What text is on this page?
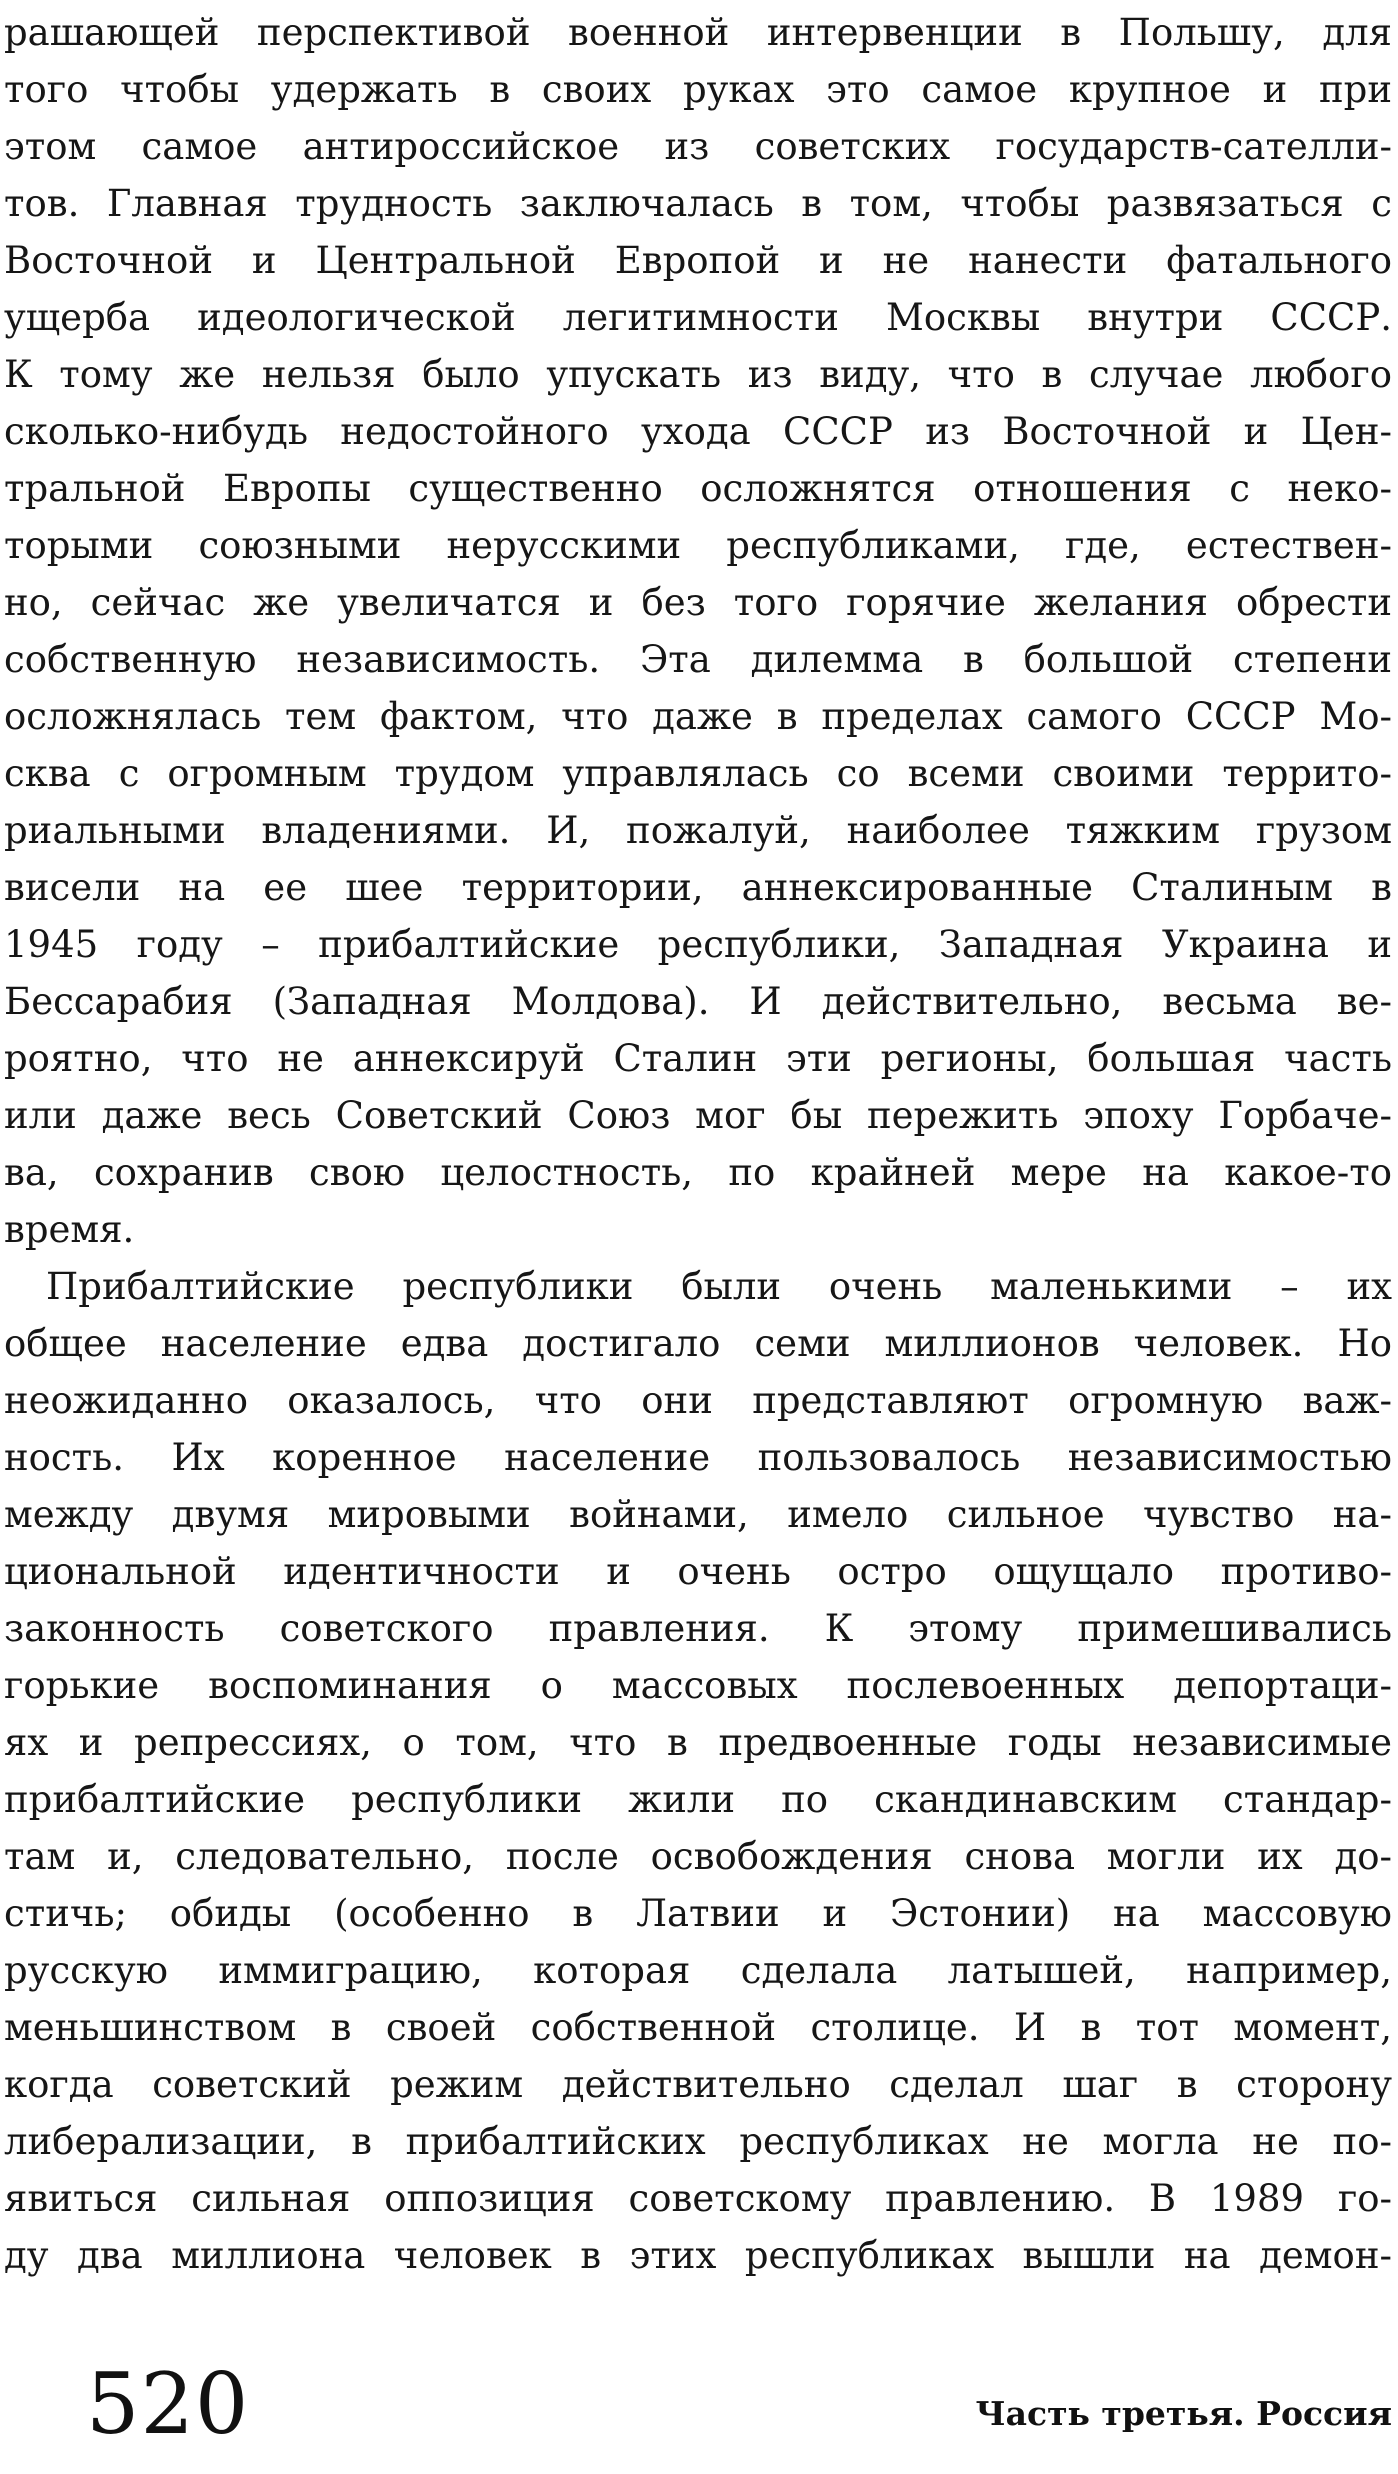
рашающей перспективой военной интервенции в Польшу, для
того чтобы удержать в своих руках это самое крупное и при
этом самое антироссийское из советских государств-сателли-
тов. Главная трудность заключалась в том, чтобы развязаться с
Восточной и Центральной Европой и не нанести фатального
ущерба идеологической легитимности Москвы внутри СССР.
К тому же нельзя было упускать из виду, что в случае любого
сколько-нибудь недостойного ухода СССР из Восточной и Цен-
тральной Европы существенно осложнятся отношения с неко-
торыми союзными нерусскими республиками, где, естествен-
но, сейчас же увеличатся и без того горячие желания обрести
собственную независимость. Эта дилемма в большой степени
осложнялась тем фактом, что даже в пределах самого СССР Мо-
сква с огромным трудом управлялась со всеми своими террито-
риальными владениями. И, пожалуй, наиболее тяжким грузом
висели на ее шее территории, аннексированные Сталиным в
1945 году – прибалтийские республики, Западная Украина и
Бессарабия (Западная Молдова). И действительно, весьма ве-
роятно, что не аннексируй Сталин эти регионы, большая часть
или даже весь Советский Союз мог бы пережить эпоху Горбаче-
ва, сохранив свою целостность, по крайней мере на какое-то
время.
Прибалтийские республики были очень маленькими – их
общее население едва достигало семи миллионов человек. Но
неожиданно оказалось, что они представляют огромную важ-
ность. Их коренное население пользовалось независимостью
между двумя мировыми войнами, имело сильное чувство на-
циональной идентичности и очень остро ощущало противо-
законность советского правления. К этому примешивались
горькие воспоминания о массовых послевоенных депортаци-
ях и репрессиях, о том, что в предвоенные годы независимые
прибалтийские республики жили по скандинавским стандар-
там и, следовательно, после освобождения снова могли их до-
стичь; обиды (особенно в Латвии и Эстонии) на массовую
русскую иммиграцию, которая сделала латышей, например,
меньшинством в своей собственной столице. И в тот момент,
когда советский режим действительно сделал шаг в сторону
либерализации, в прибалтийских республиках не могла не по-
явиться сильная оппозиция советскому правлению. В 1989 го-
ду два миллиона человек в этих республиках вышли на демон-
520	Часть третья. Россия
